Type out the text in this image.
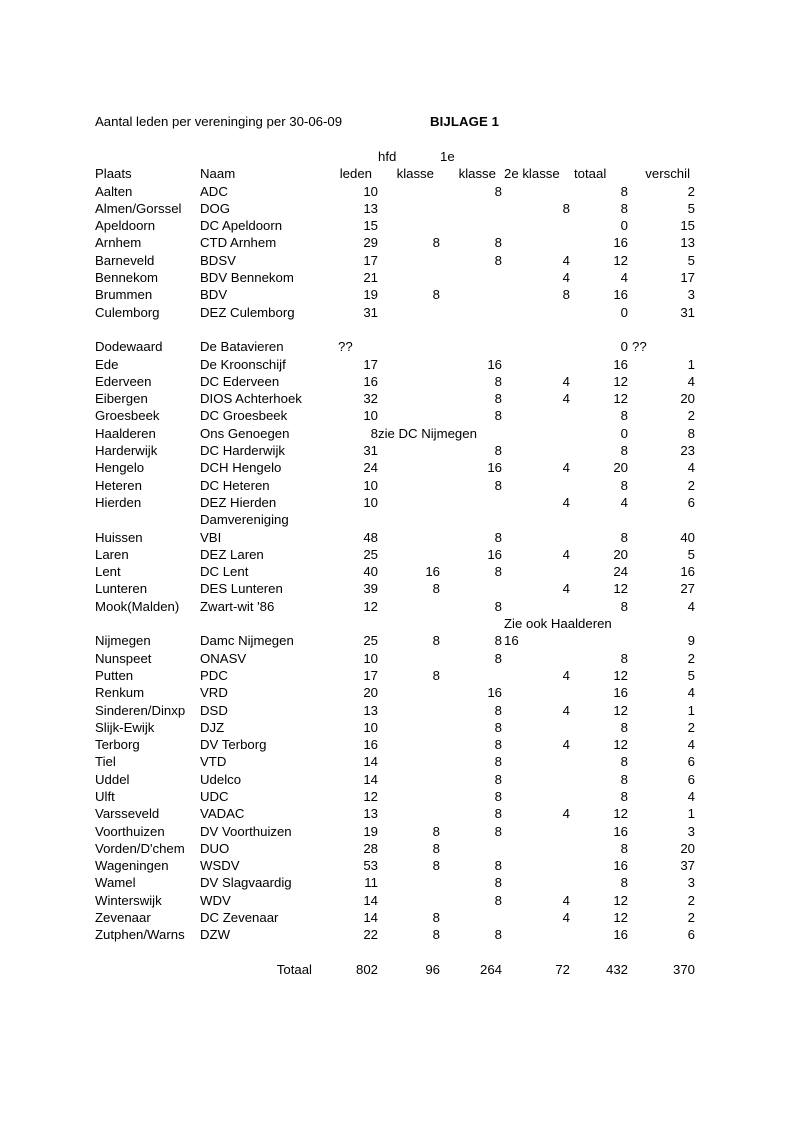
Aantal leden per vereninging per 30-06-09	BIJLAGE 1
			hfd	1e			
Plaats	Naam	leden	klasse	klasse	2e klasse	totaal	verschil
Aalten	ADC	10		8		8	2
Almen/Gorssel	DOG	13			8	8	5
Apeldoorn	DC Apeldoorn	15				0	15
Arnhem	CTD Arnhem	29	8	8		16	13
Barneveld	BDSV	17		8	4	12	5
Bennekom	BDV Bennekom	21			4	4	17
Brummen	BDV	19	8		8	16	3
Culemborg	DEZ Culemborg	31				0	31

Dodewaard	De Batavieren	??				0	??
Ede	De Kroonschijf	17		16		16	1
Ederveen	DC Ederveen	16		8	4	12	4
Eibergen	DIOS Achterhoek	32		8	4	12	20
Groesbeek	DC Groesbeek	10		8		8	2
Haalderen	Ons Genoegen	8	zie DC Nijmegen			0	8
Harderwijk	DC Harderwijk	31		8		8	23
Hengelo	DCH Hengelo	24		16	4	20	4
Heteren	DC Heteren	10		8		8	2
Hierden	DEZ Hierden	10			4	4	6
	Damvereniging						
Huissen	VBI	48		8		8	40
Laren	DEZ Laren	25		16	4	20	5
Lent	DC Lent	40	16	8		24	16
Lunteren	DES Lunteren	39	8		4	12	27
Mook(Malden)	Zwart-wit '86	12		8		8	4
					Zie ook Haalderen		
Nijmegen	Damc Nijmegen	25	8	8	16		9
Nunspeet	ONASV	10		8		8	2
Putten	PDC	17	8		4	12	5
Renkum	VRD	20		16		16	4
Sinderen/Dinxp	DSD	13		8	4	12	1
Slijk-Ewijk	DJZ	10		8		8	2
Terborg	DV Terborg	16		8	4	12	4
Tiel	VTD	14		8		8	6
Uddel	Udelco	14		8		8	6
Ulft	UDC	12		8		8	4
Varsseveld	VADAC	13		8	4	12	1
Voorthuizen	DV Voorthuizen	19	8	8		16	3
Vorden/D'chem	DUO	28	8			8	20
Wageningen	WSDV	53	8	8		16	37
Wamel	DV Slagvaardig	11		8		8	3
Winterswijk	WDV	14		8	4	12	2
Zevenaar	DC Zevenaar	14	8		4	12	2
Zutphen/Warns	DZW	22	8	8		16	6

	Totaal	802	96	264	72	432	370
